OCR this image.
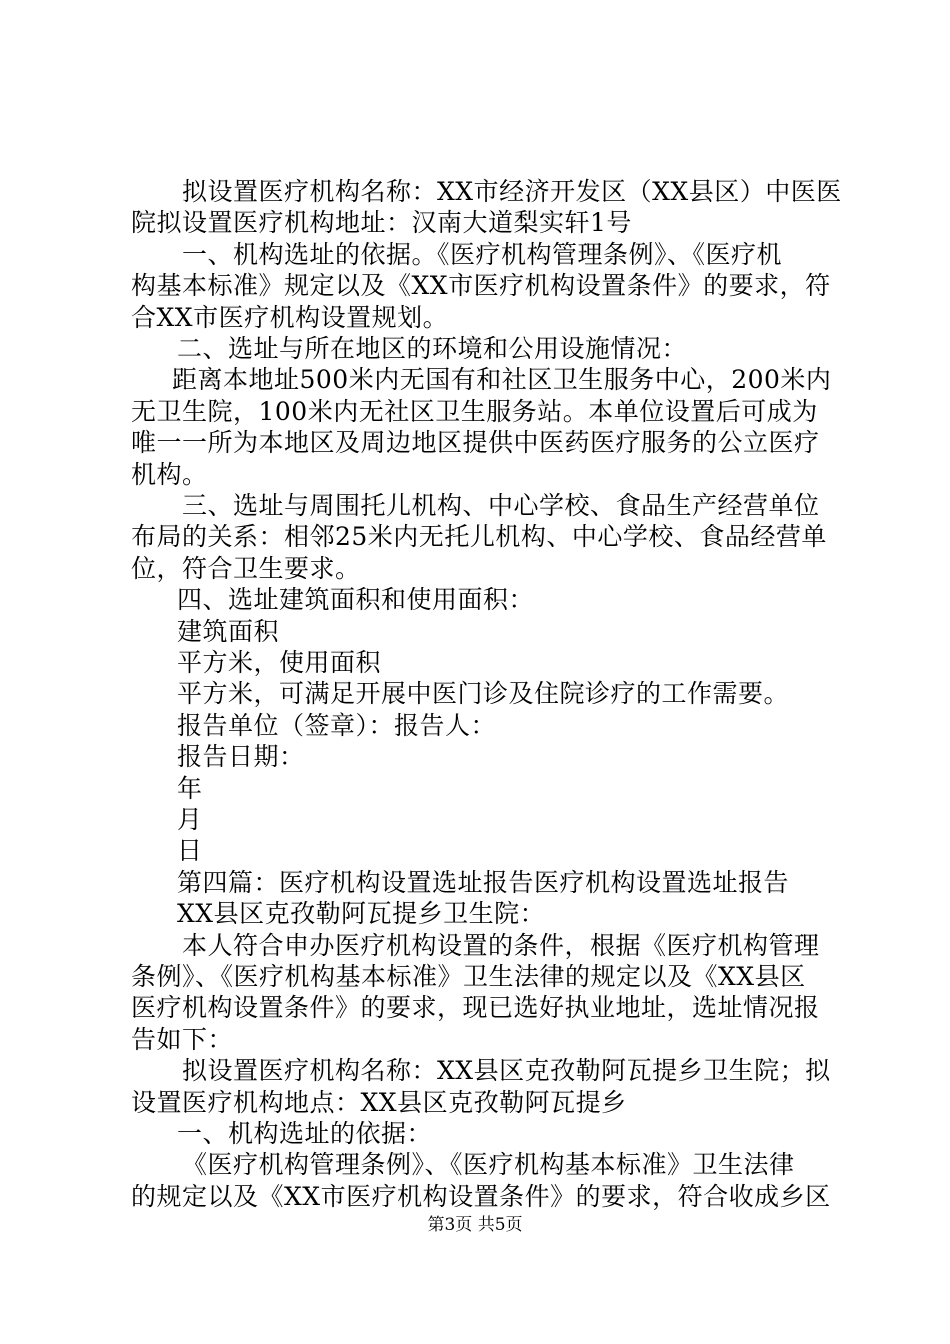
拟设置医疗机构名称：XX市经济开发区（XX县区）中医医
院拟设置医疗机构地址：汉南大道梨实轩1号
一、机构选址的依据。《医疗机构管理条例》、《医疗机
构基本标准》规定以及《XX市医疗机构设置条件》的要求，符
合XX市医疗机构设置规划。
二、选址与所在地区的环境和公用设施情况：
距离本地址500米内无国有和社区卫生服务中心，200米内
无卫生院，100米内无社区卫生服务站。本单位设置后可成为
唯一一所为本地区及周边地区提供中医药医疗服务的公立医疗
机构。
三、选址与周围托儿机构、中心学校、食品生产经营单位
布局的关系：相邻25米内无托儿机构、中心学校、食品经营单
位，符合卫生要求。
四、选址建筑面积和使用面积：
建筑面积
平方米，使用面积
平方米，可满足开展中医门诊及住院诊疗的工作需要。
报告单位（签章）：报告人：
报告日期：
年
月
日
第四篇：医疗机构设置选址报告医疗机构设置选址报告
XX县区克孜勒阿瓦提乡卫生院：
本人符合申办医疗机构设置的条件，根据《医疗机构管理
条例》、《医疗机构基本标准》卫生法律的规定以及《XX县区
医疗机构设置条件》的要求，现已选好执业地址，选址情况报
告如下：
拟设置医疗机构名称：XX县区克孜勒阿瓦提乡卫生院；拟
设置医疗机构地点：XX县区克孜勒阿瓦提乡
一、机构选址的依据：
《医疗机构管理条例》、《医疗机构基本标准》卫生法律
的规定以及《XX市医疗机构设置条件》的要求，符合收成乡区
第3页 共5页
